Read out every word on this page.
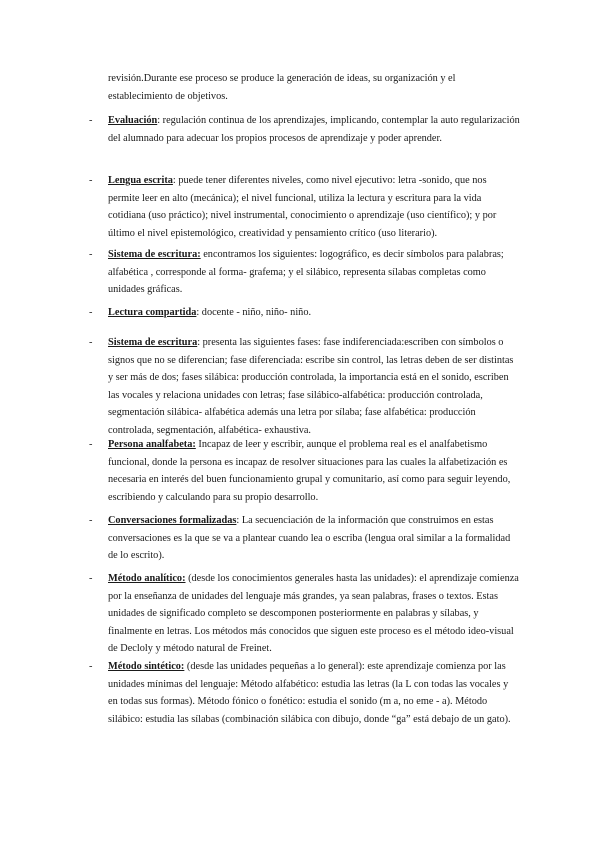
revisión.Durante ese proceso se produce la generación de ideas, su organización y el establecimiento de objetivos.
- Evaluación: regulación continua de los aprendizajes, implicando, contemplar la auto regularización del alumnado para adecuar los propios procesos de aprendizaje y poder aprender.
- Lengua escrita: puede tener diferentes niveles, como nivel ejecutivo: letra -sonido, que nos permite leer en alto (mecánica); el nivel funcional, utiliza la lectura y escritura para la vida cotidiana (uso práctico); nivel instrumental, conocimiento o aprendizaje (uso científico); y por último el nivel epistemológico, creatividad y pensamiento crítico (uso literario).
- Sistema de escritura: encontramos los siguientes: logográfico, es decir símbolos para palabras; alfabética , corresponde al forma- grafema; y el silábico, representa sílabas completas como unidades gráficas.
- Lectura compartida: docente - niño, niño- niño.
- Sistema de escritura: presenta las siguientes fases: fase indiferenciada:escriben con símbolos o signos que no se diferencian; fase diferenciada: escribe sin control, las letras deben de ser distintas y ser más de dos; fases silábica: producción controlada, la importancia está en el sonido, escriben las vocales y relaciona unidades con letras; fase silábico-alfabética: producción controlada, segmentación silábica- alfabética además una letra por sílaba; fase alfabética: producción controlada, segmentación, alfabética- exhaustiva.
- Persona analfabeta: Incapaz de leer y escribir, aunque el problema real es el analfabetismo funcional, donde la persona es incapaz de resolver situaciones para las cuales la alfabetización es necesaria en interés del buen funcionamiento grupal y comunitario, así como para seguir leyendo, escribiendo y calculando para su propio desarrollo.
- Conversaciones formalizadas: La secuenciación de la información que construimos en estas conversaciones es la que se va a plantear cuando lea o escriba (lengua oral similar a la formalidad de lo escrito).
- Método analítico: (desde los conocimientos generales hasta las unidades): el aprendizaje comienza por la enseñanza de unidades del lenguaje más grandes, ya sean palabras, frases o textos. Estas unidades de significado completo se descomponen posteriormente en palabras y sílabas, y finalmente en letras. Los métodos más conocidos que siguen este proceso es el método ideo-visual de Decloly y método natural de Freinet.
- Método sintético: (desde las unidades pequeñas a lo general): este aprendizaje comienza por las unidades mínimas del lenguaje: Método alfabético: estudia las letras (la L con todas las vocales y en todas sus formas). Método fónico o fonético: estudia el sonido (m a, no eme - a). Método silábico: estudia las sílabas (combinación silábica con dibujo, donde “ga” está debajo de un gato).
